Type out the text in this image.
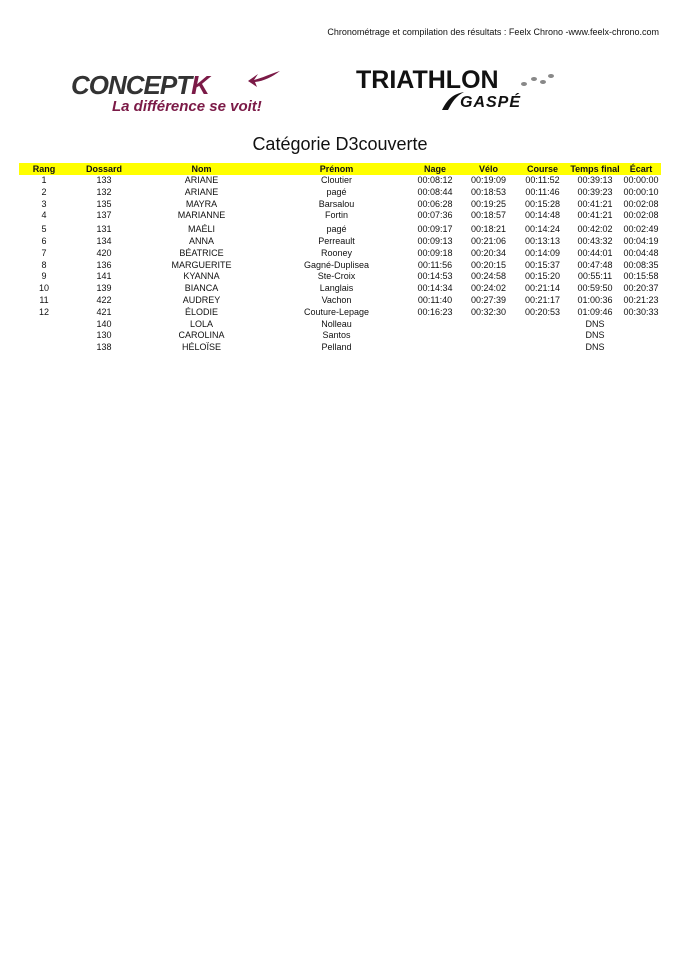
Chronométrage et compilation des résultats : Feelx Chrono -www.feelx-chrono.com
CONCEPTK
La différence se voit!
TRIATHLON
GASPÉ
Catégorie D3couverte
Rang	Dossard	Nom	Prénom	Nage	Vélo	Course	Temps final	Écart
1	133	ARIANE	Cloutier	00:08:12	00:19:09	00:11:52	00:39:13	00:00:00
2	132	ARIANE	pagé	00:08:44	00:18:53	00:11:46	00:39:23	00:00:10
3	135	MAYRA	Barsalou	00:06:28	00:19:25	00:15:28	00:41:21	00:02:08
4	137	MARIANNE	Fortin	00:07:36	00:18:57	00:14:48	00:41:21	00:02:08

5	131	MAÉLI	pagé	00:09:17	00:18:21	00:14:24	00:42:02	00:02:49
6	134	ANNA	Perreault	00:09:13	00:21:06	00:13:13	00:43:32	00:04:19
7	420	BÉATRICE	Rooney	00:09:18	00:20:34	00:14:09	00:44:01	00:04:48
8	136	MARGUERITE	Gagné-Duplisea	00:11:56	00:20:15	00:15:37	00:47:48	00:08:35
9	141	KYANNA	Ste-Croix	00:14:53	00:24:58	00:15:20	00:55:11	00:15:58
10	139	BIANCA	Langlais	00:14:34	00:24:02	00:21:14	00:59:50	00:20:37
11	422	AUDREY	Vachon	00:11:40	00:27:39	00:21:17	01:00:36	00:21:23
12	421	ÉLODIE	Couture-Lepage	00:16:23	00:32:30	00:20:53	01:09:46	00:30:33
	140	LOLA	Nolleau				DNS	
	130	CAROLINA	Santos				DNS	
	138	HÉLOÏSE	Pelland				DNS	
